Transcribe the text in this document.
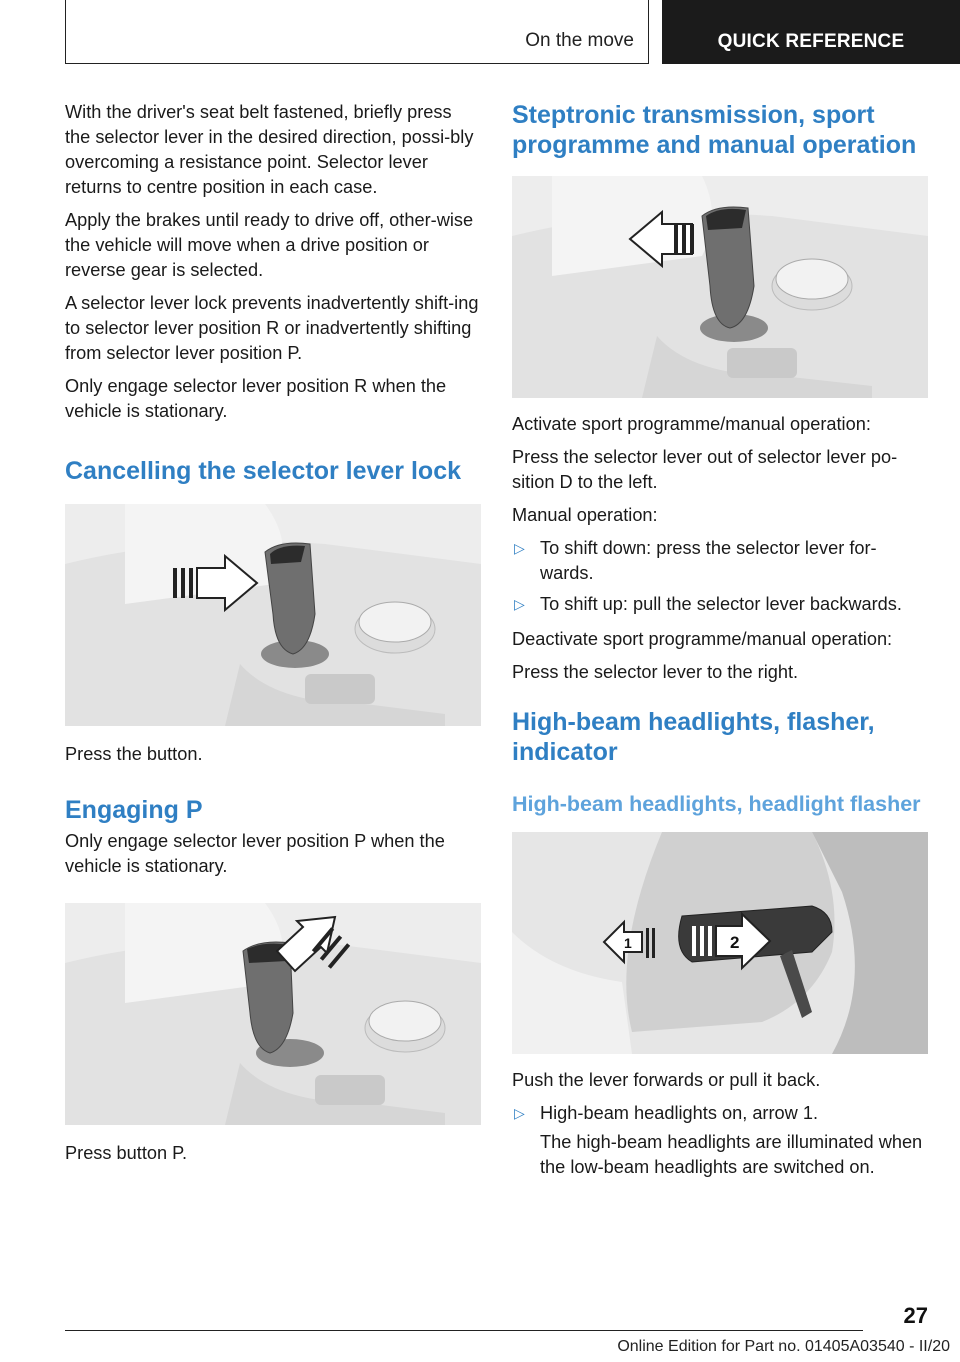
On the move	QUICK REFERENCE

With the driver's seat belt fastened, briefly press the selector lever in the desired direction, possi-bly overcoming a resistance point. Selector lever returns to centre position in each case.

Apply the brakes until ready to drive off, other-wise the vehicle will move when a drive position or reverse gear is selected.

A selector lever lock prevents inadvertently shift-ing to selector lever position R or inadvertently shifting from selector lever position P.

Only engage selector lever position R when the vehicle is stationary.

Cancelling the selector lever lock

Press the button.

Engaging P

Only engage selector lever position P when the vehicle is stationary.

Press button P.

Steptronic transmission, sport programme and manual operation

Activate sport programme/manual operation:

Press the selector lever out of selector lever po-sition D to the left.

Manual operation:

▷ To shift down: press the selector lever for-wards.
▷ To shift up: pull the selector lever backwards.

Deactivate sport programme/manual operation:

Press the selector lever to the right.

High-beam headlights, flasher, indicator
High-beam headlights, headlight flasher
1	2

Push the lever forwards or pull it back.

▷ High-beam headlights on, arrow 1.

The high-beam headlights are illuminated when the low-beam headlights are switched on.

27
Online Edition for Part no. 01405A03540 - II/20
